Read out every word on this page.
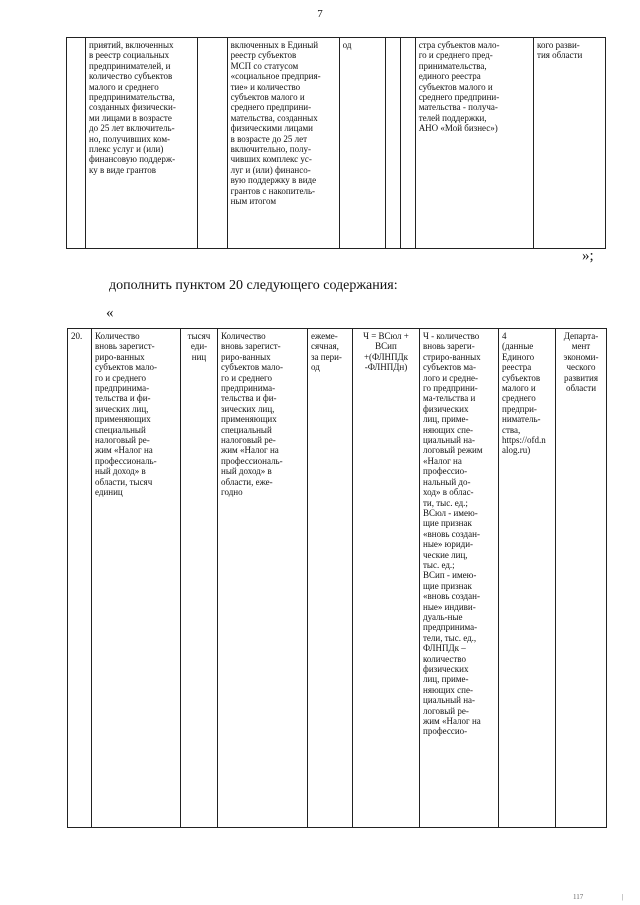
7
	приятий, включенных
в реестр социальных
предпринимателей, и
количество субъектов
малого и среднего
предпринимательства,
созданных физически-
ми лицами в возрасте
до 25 лет включитель-
но, получивших ком-
плекс услуг и (или)
финансовую поддерж-
ку в виде грантов		включенных в Единый
реестр субъектов
МСП со статусом
«социальное предприя-
тие» и количество
субъектов малого и
среднего предприни-
мательства, созданных
физическими лицами
в возрасте до 25 лет
включительно, полу-
чивших комплекс ус-
луг и (или) финансо-
вую поддержку в виде
грантов с накопитель-
ным итогом	од			стра субъектов мало-
го и среднего пред-
принимательства,
единого реестра
субъектов малого и
среднего предприни-
мательства - получа-
телей поддержки,
АНО «Мой бизнес»)	кого разви-
тия области
»;
дополнить пунктом 20 следующего содержания:
«
20.	Количество
вновь зарегист-
риро-ванных
субъектов мало-
го и среднего
предпринима-
тельства и фи-
зических лиц,
применяющих
специальный
налоговый ре-
жим «Налог на
профессиональ-
ный доход» в
области, тысяч
единиц	тысяч
еди-
ниц	Количество
вновь зарегист-
риро-ванных
субъектов мало-
го и среднего
предпринима-
тельства и фи-
зических лиц,
применяющих
специальный
налоговый ре-
жим «Налог на
профессиональ-
ный доход» в
области, еже-
годно	ежеме-
сячная,
за пери-
од	Ч = ВСюл +
ВСип
+(ФЛНПДк
-ФЛНПДн)	Ч - количество
вновь зареги-
стриро-ванных
субъектов ма-
лого и средне-
го предприни-
ма-тельства и
физических
лиц, приме-
няющих спе-
циальный на-
логовый режим
«Налог на
профессио-
нальный до-
ход» в облас-
ти, тыс. ед.;
ВСюл - имею-
щие признак
«вновь создан-
ные» юриди-
ческие лиц,
тыс. ед.;
ВСип - имею-
щие признак
«вновь создан-
ные» индиви-
дуаль-ные
предпринима-
тели, тыс. ед.,
ФЛНПДк –
количество
физических
лиц, приме-
няющих спе-
циальный на-
логовый ре-
жим «Налог на
профессио-	4
(данные
Единого
реестра
субъектов
малого и
среднего
предпри-
ниматель-
ства,
https://ofd.n
alog.ru)	Департа-
мент
экономи-
ческого
развития
области
117	|
